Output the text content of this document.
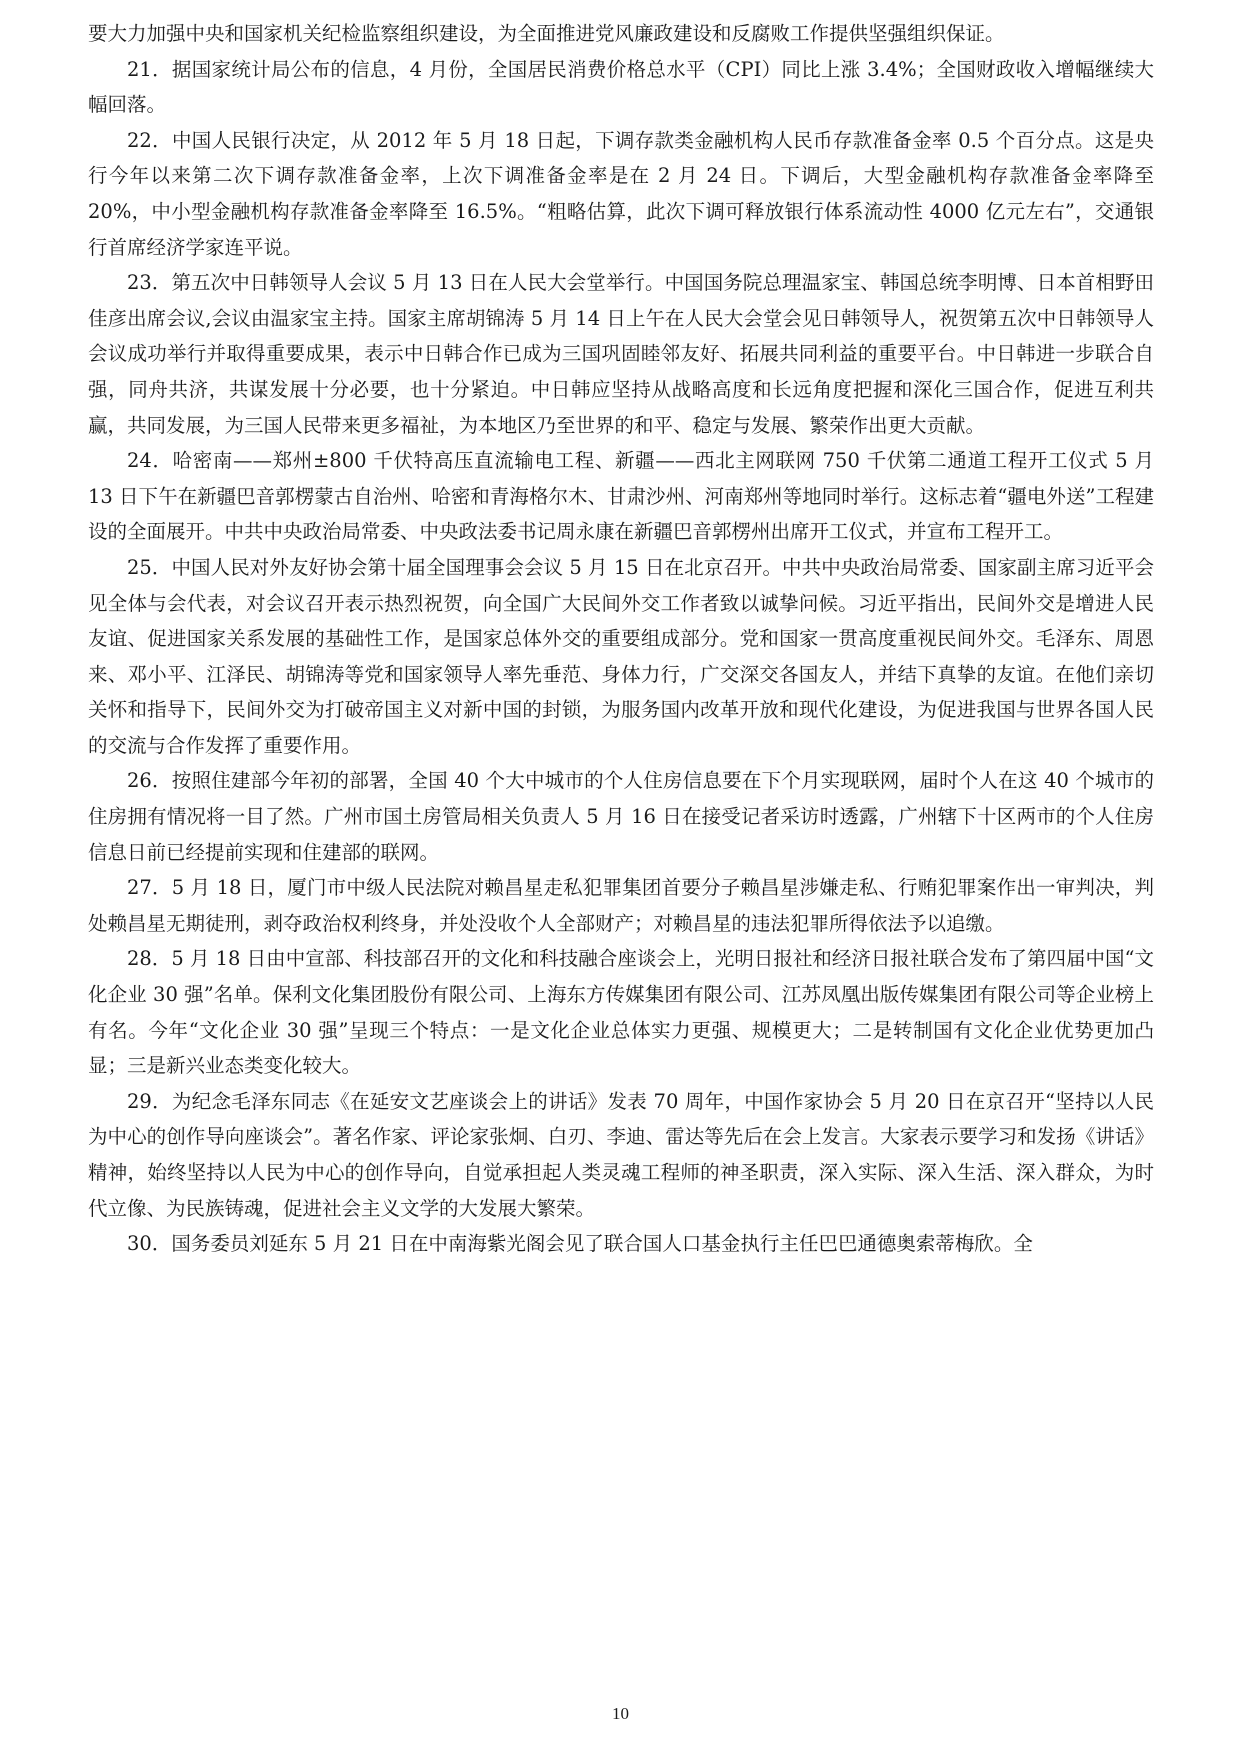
要大力加强中央和国家机关纪检监察组织建设，为全面推进党风廉政建设和反腐败工作提供坚强组织保证。

21．据国家统计局公布的信息，4 月份，全国居民消费价格总水平（CPI）同比上涨 3.4%；全国财政收入增幅继续大幅回落。

22．中国人民银行决定，从 2012 年 5 月 18 日起，下调存款类金融机构人民币存款准备金率 0.5 个百分点。这是央行今年以来第二次下调存款准备金率，上次下调准备金率是在 2 月 24 日。下调后，大型金融机构存款准备金率降至 20%，中小型金融机构存款准备金率降至 16.5%。“粗略估算，此次下调可释放银行体系流动性 4000 亿元左右”，交通银行首席经济学家连平说。

23．第五次中日韩领导人会议 5 月 13 日在人民大会堂举行。中国国务院总理温家宝、韩国总统李明博、日本首相野田佳彦出席会议,会议由温家宝主持。国家主席胡锦涛 5 月 14 日上午在人民大会堂会见日韩领导人，祝贺第五次中日韩领导人会议成功举行并取得重要成果，表示中日韩合作已成为三国巩固睦邻友好、拓展共同利益的重要平台。中日韩进一步联合自强，同舟共济，共谋发展十分必要，也十分紧迫。中日韩应坚持从战略高度和长远角度把握和深化三国合作，促进互利共赢，共同发展，为三国人民带来更多福祉，为本地区乃至世界的和平、稳定与发展、繁荣作出更大贡献。

24．哈密南——郑州±800 千伏特高压直流输电工程、新疆——西北主网联网 750 千伏第二通道工程开工仪式 5 月 13 日下午在新疆巴音郭楞蒙古自治州、哈密和青海格尔木、甘肃沙州、河南郑州等地同时举行。这标志着“疆电外送”工程建设的全面展开。中共中央政治局常委、中央政法委书记周永康在新疆巴音郭楞州出席开工仪式，并宣布工程开工。

25．中国人民对外友好协会第十届全国理事会会议 5 月 15 日在北京召开。中共中央政治局常委、国家副主席习近平会见全体与会代表，对会议召开表示热烈祝贺，向全国广大民间外交工作者致以诚挚问候。习近平指出，民间外交是增进人民友谊、促进国家关系发展的基础性工作，是国家总体外交的重要组成部分。党和国家一贯高度重视民间外交。毛泽东、周恩来、邓小平、江泽民、胡锦涛等党和国家领导人率先垂范、身体力行，广交深交各国友人，并结下真挚的友谊。在他们亲切关怀和指导下，民间外交为打破帝国主义对新中国的封锁，为服务国内改革开放和现代化建设，为促进我国与世界各国人民的交流与合作发挥了重要作用。

26．按照住建部今年初的部署，全国 40 个大中城市的个人住房信息要在下个月实现联网，届时个人在这 40 个城市的住房拥有情况将一目了然。广州市国土房管局相关负责人 5 月 16 日在接受记者采访时透露，广州辖下十区两市的个人住房信息日前已经提前实现和住建部的联网。

27．5 月 18 日，厦门市中级人民法院对赖昌星走私犯罪集团首要分子赖昌星涉嫌走私、行贿犯罪案作出一审判决，判处赖昌星无期徒刑，剥夺政治权利终身，并处没收个人全部财产；对赖昌星的违法犯罪所得依法予以追缴。

28．5 月 18 日由中宣部、科技部召开的文化和科技融合座谈会上，光明日报社和经济日报社联合发布了第四届中国“文化企业 30 强”名单。保利文化集团股份有限公司、上海东方传媒集团有限公司、江苏凤凰出版传媒集团有限公司等企业榜上有名。今年“文化企业 30 强”呈现三个特点：一是文化企业总体实力更强、规模更大；二是转制国有文化企业优势更加凸显；三是新兴业态类变化较大。

29．为纪念毛泽东同志《在延安文艺座谈会上的讲话》发表 70 周年，中国作家协会 5 月 20 日在京召开“坚持以人民为中心的创作导向座谈会”。著名作家、评论家张炯、白刃、李迪、雷达等先后在会上发言。大家表示要学习和发扬《讲话》精神，始终坚持以人民为中心的创作导向，自觉承担起人类灵魂工程师的神圣职责，深入实际、深入生活、深入群众，为时代立像、为民族铸魂，促进社会主义文学的大发展大繁荣。

30．国务委员刘延东 5 月 21 日在中南海紫光阁会见了联合国人口基金执行主任巴巴通德奥索蒂梅欣。全

10
